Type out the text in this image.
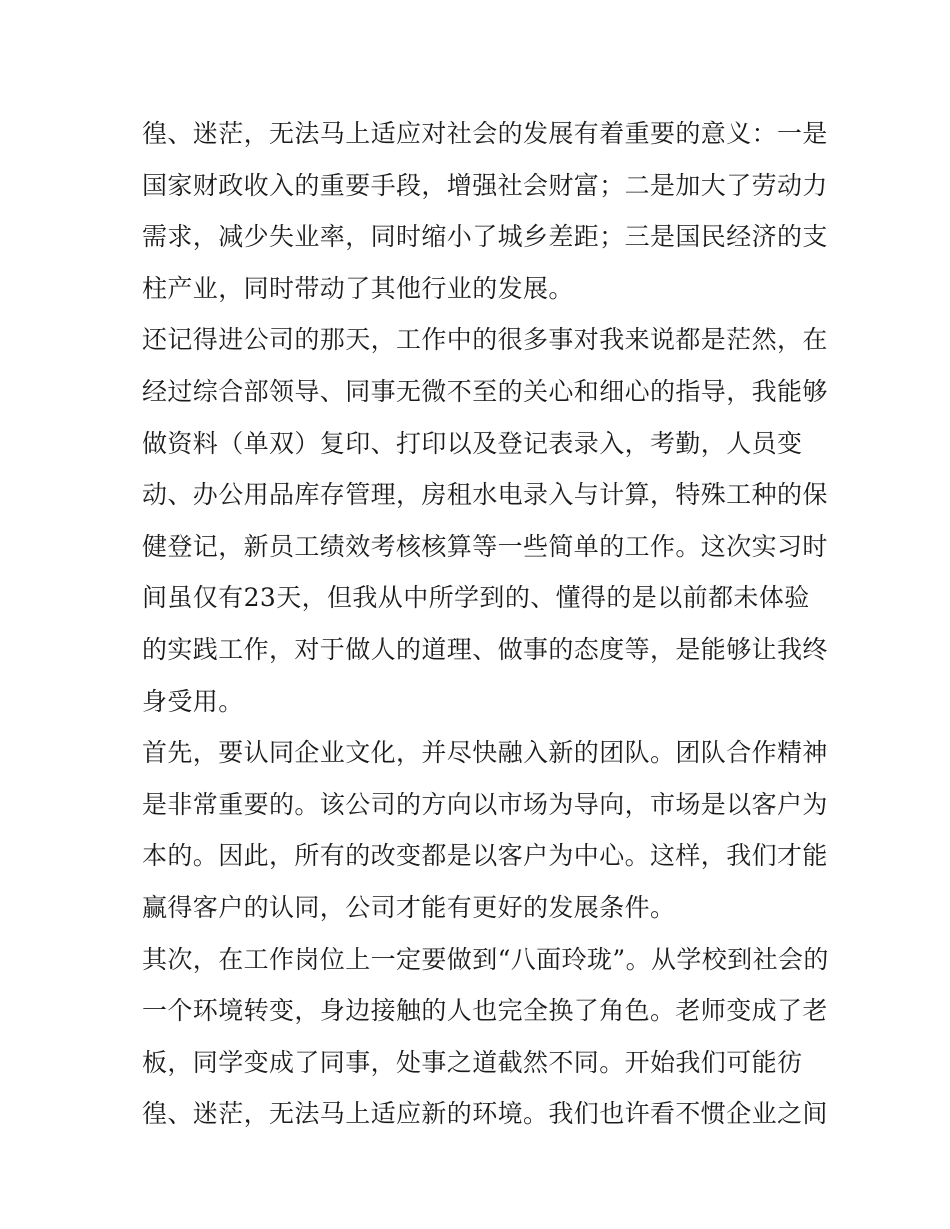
徨、迷茫，无法马上适应对社会的发展有着重要的意义：一是
国家财政收入的重要手段，增强社会财富；二是加大了劳动力
需求，减少失业率，同时缩小了城乡差距；三是国民经济的支
柱产业，同时带动了其他行业的发展。
还记得进公司的那天，工作中的很多事对我来说都是茫然，在
经过综合部领导、同事无微不至的关心和细心的指导，我能够
做资料（单双）复印、打印以及登记表录入，考勤，人员变
动、办公用品库存管理，房租水电录入与计算，特殊工种的保
健登记，新员工绩效考核核算等一些简单的工作。这次实习时
间虽仅有23天，但我从中所学到的、懂得的是以前都未体验
的实践工作，对于做人的道理、做事的态度等，是能够让我终
身受用。
首先，要认同企业文化，并尽快融入新的团队。团队合作精神
是非常重要的。该公司的方向以市场为导向，市场是以客户为
本的。因此，所有的改变都是以客户为中心。这样，我们才能
赢得客户的认同，公司才能有更好的发展条件。
其次，在工作岗位上一定要做到“八面玲珑”。从学校到社会的
一个环境转变，身边接触的人也完全换了角色。老师变成了老
板，同学变成了同事，处事之道截然不同。开始我们可能彷
徨、迷茫，无法马上适应新的环境。我们也许看不惯企业之间
